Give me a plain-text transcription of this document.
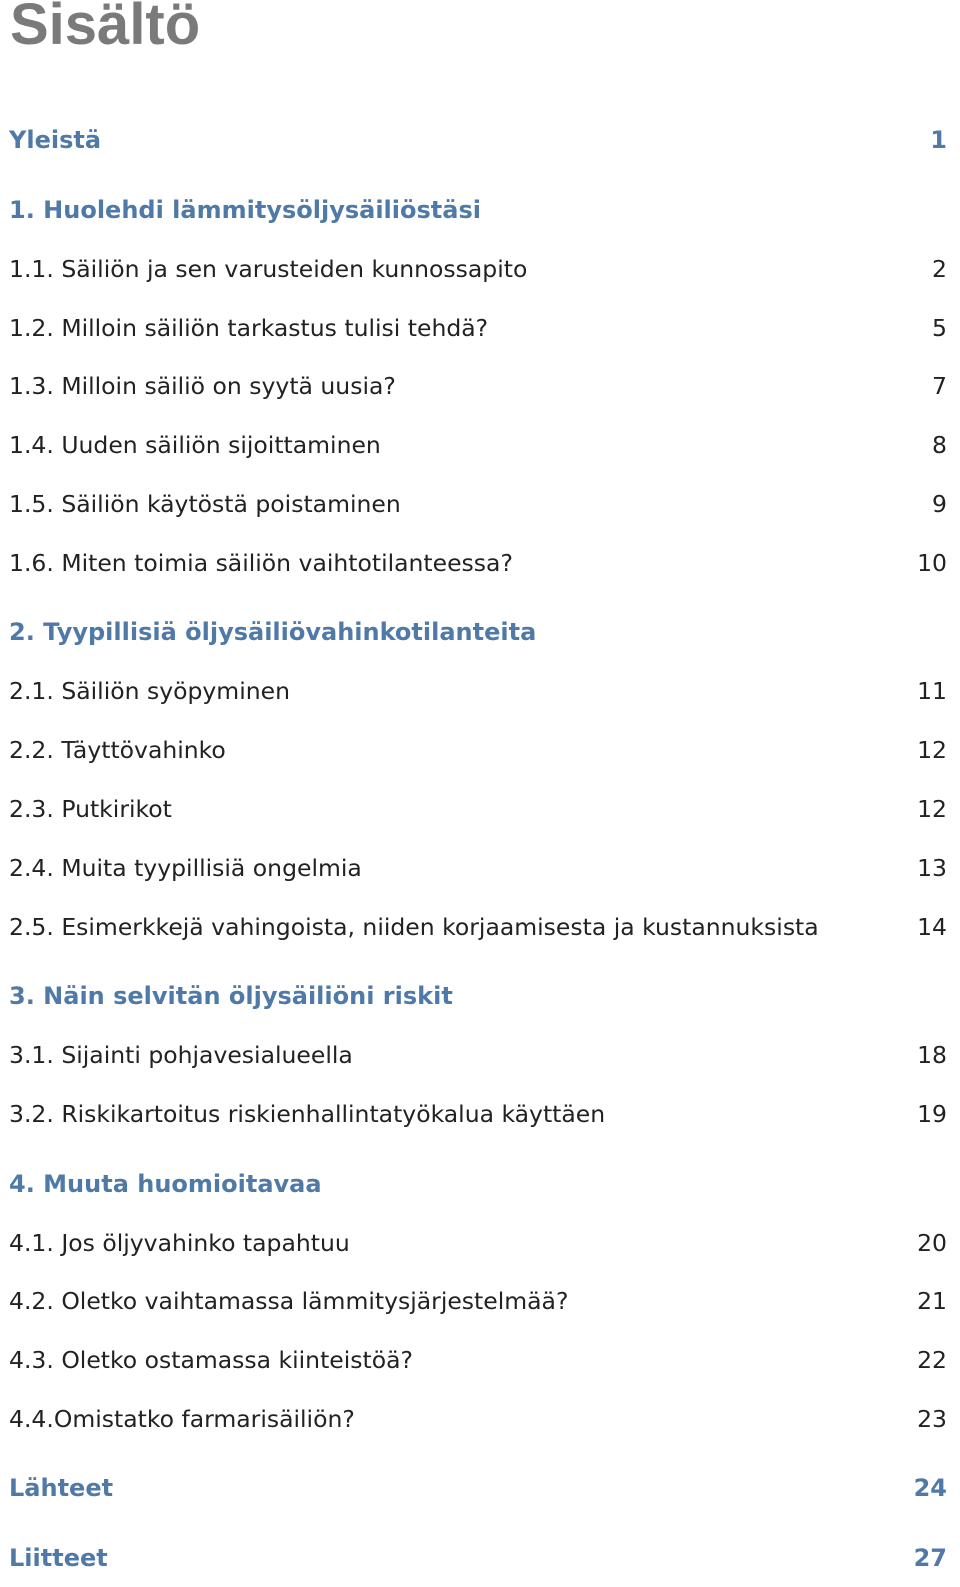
Sisältö
Yleistä	1
1. Huolehdi lämmitysöljysäiliöstäsi
1.1. Säiliön ja sen varusteiden kunnossapito	2
1.2. Milloin säiliön tarkastus tulisi tehdä?	5
1.3. Milloin säiliö on syytä uusia?	7
1.4. Uuden säiliön sijoittaminen	8
1.5. Säiliön käytöstä poistaminen	9
1.6. Miten toimia säiliön vaihtotilanteessa?	10
2. Tyypillisiä öljysäiliövahinkotilanteita
2.1. Säiliön syöpyminen	11
2.2. Täyttövahinko	12
2.3. Putkirikot	12
2.4. Muita tyypillisiä ongelmia	13
2.5. Esimerkkejä vahingoista, niiden korjaamisesta ja kustannuksista	14
3. Näin selvitän öljysäiliöni riskit
3.1. Sijainti pohjavesialueella	18
3.2. Riskikartoitus riskienhallintatyökalua käyttäen	19
4. Muuta huomioitavaa
4.1. Jos öljyvahinko tapahtuu	20
4.2. Oletko vaihtamassa lämmitysjärjestelmää?	21
4.3. Oletko ostamassa kiinteistöä?	22
4.4.Omistatko farmarisäiliön?	23
Lähteet	24
Liitteet	27
